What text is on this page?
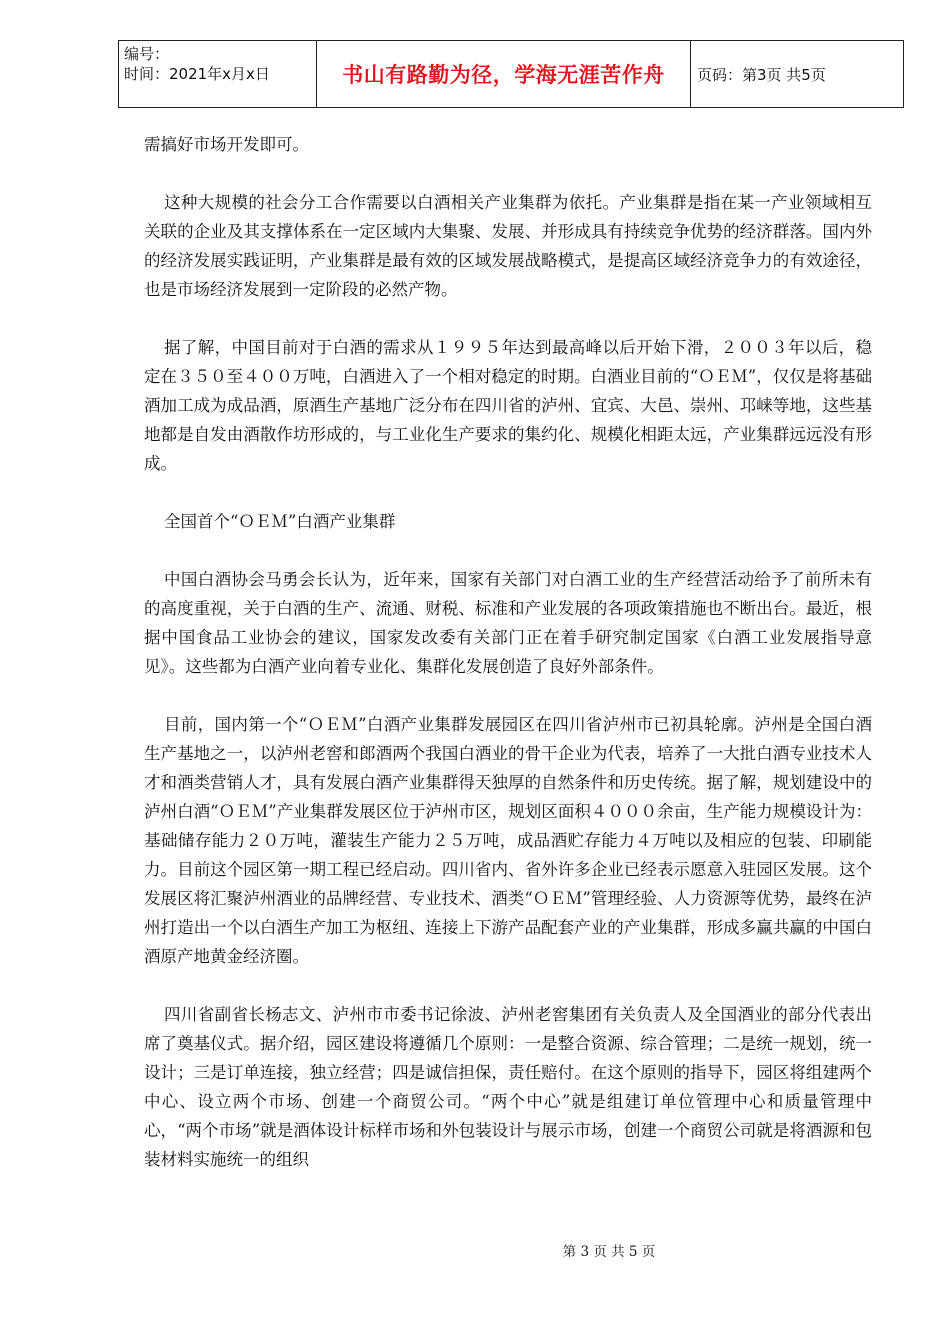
编号：
时间：2021年x月x日	书山有路勤为径，学海无涯苦作舟	页码：第3页 共5页

需搞好市场开发即可。

这种大规模的社会分工合作需要以白酒相关产业集群为依托。产业集群是指在某一产业领域相互关联的企业及其支撑体系在一定区域内大集聚、发展、并形成具有持续竞争优势的经济群落。国内外的经济发展实践证明，产业集群是最有效的区域发展战略模式，是提高区域经济竞争力的有效途径，也是市场经济发展到一定阶段的必然产物。

据了解，中国目前对于白酒的需求从１９９５年达到最高峰以后开始下滑，２００３年以后，稳定在３５０至４００万吨，白酒进入了一个相对稳定的时期。白酒业目前的“ＯＥＭ”，仅仅是将基础酒加工成为成品酒，原酒生产基地广泛分布在四川省的泸州、宜宾、大邑、崇州、邛崃等地，这些基地都是自发由酒散作坊形成的，与工业化生产要求的集约化、规模化相距太远，产业集群远远没有形成。

全国首个“ＯＥＭ”白酒产业集群

中国白酒协会马勇会长认为，近年来，国家有关部门对白酒工业的生产经营活动给予了前所未有的高度重视，关于白酒的生产、流通、财税、标准和产业发展的各项政策措施也不断出台。最近，根据中国食品工业协会的建议，国家发改委有关部门正在着手研究制定国家《白酒工业发展指导意见》。这些都为白酒产业向着专业化、集群化发展创造了良好外部条件。

目前，国内第一个“ＯＥＭ”白酒产业集群发展园区在四川省泸州市已初具轮廓。泸州是全国白酒生产基地之一，以泸州老窖和郎酒两个我国白酒业的骨干企业为代表，培养了一大批白酒专业技术人才和酒类营销人才，具有发展白酒产业集群得天独厚的自然条件和历史传统。据了解，规划建设中的泸州白酒“ＯＥＭ”产业集群发展区位于泸州市区，规划区面积４０００余亩，生产能力规模设计为：基础储存能力２０万吨，灌装生产能力２５万吨，成品酒贮存能力４万吨以及相应的包装、印刷能力。目前这个园区第一期工程已经启动。四川省内、省外许多企业已经表示愿意入驻园区发展。这个发展区将汇聚泸州酒业的品牌经营、专业技术、酒类“ＯＥＭ”管理经验、人力资源等优势，最终在泸州打造出一个以白酒生产加工为枢纽、连接上下游产品配套产业的产业集群，形成多赢共赢的中国白酒原产地黄金经济圈。

四川省副省长杨志文、泸州市市委书记徐波、泸州老窖集团有关负责人及全国酒业的部分代表出席了奠基仪式。据介绍，园区建设将遵循几个原则：一是整合资源、综合管理；二是统一规划，统一设计；三是订单连接，独立经营；四是诚信担保，责任赔付。在这个原则的指导下，园区将组建两个中心、设立两个市场、创建一个商贸公司。“两个中心”就是组建订单位管理中心和质量管理中心，“两个市场”就是酒体设计标样市场和外包装设计与展示市场，创建一个商贸公司就是将酒源和包装材料实施统一的组织

第 3 页 共 5 页
